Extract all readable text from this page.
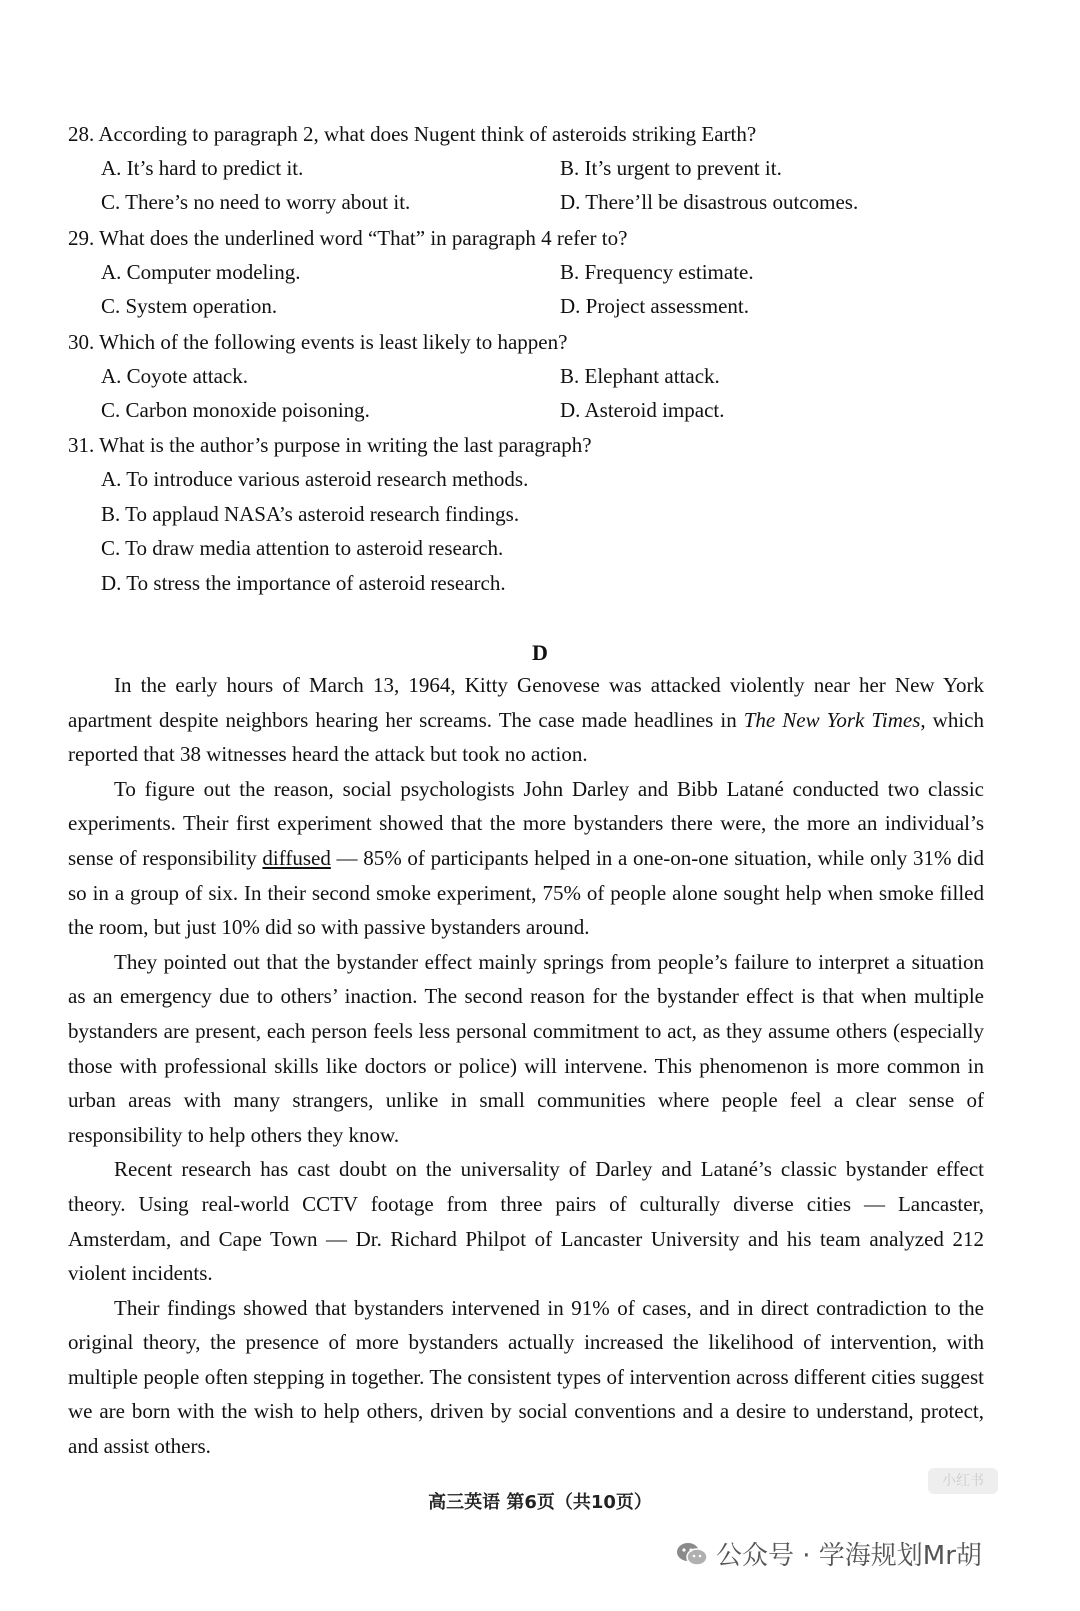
28. According to paragraph 2, what does Nugent think of asteroids striking Earth?
A. It’s hard to predict it.	B. It’s urgent to prevent it.
C. There’s no need to worry about it.	D. There’ll be disastrous outcomes.
29. What does the underlined word “That” in paragraph 4 refer to?
A. Computer modeling.	B. Frequency estimate.
C. System operation.	D. Project assessment.
30. Which of the following events is least likely to happen?
A. Coyote attack.	B. Elephant attack.
C. Carbon monoxide poisoning.	D. Asteroid impact.
31. What is the author’s purpose in writing the last paragraph?
A. To introduce various asteroid research methods.
B. To applaud NASA’s asteroid research findings.
C. To draw media attention to asteroid research.
D. To stress the importance of asteroid research.
D

In the early hours of March 13, 1964, Kitty Genovese was attacked violently near her New York apartment despite neighbors hearing her screams. The case made headlines in The New York Times, which reported that 38 witnesses heard the attack but took no action.

To figure out the reason, social psychologists John Darley and Bibb Latané conducted two classic experiments. Their first experiment showed that the more bystanders there were, the more an individual’s sense of responsibility diffused — 85% of participants helped in a one-on-one situation, while only 31% did so in a group of six. In their second smoke experiment, 75% of people alone sought help when smoke filled the room, but just 10% did so with passive bystanders around.

They pointed out that the bystander effect mainly springs from people’s failure to interpret a situation as an emergency due to others’ inaction. The second reason for the bystander effect is that when multiple bystanders are present, each person feels less personal commitment to act, as they assume others (especially those with professional skills like doctors or police) will intervene. This phenomenon is more common in urban areas with many strangers, unlike in small communities where people feel a clear sense of responsibility to help others they know.

Recent research has cast doubt on the universality of Darley and Latané’s classic bystander effect theory. Using real-world CCTV footage from three pairs of culturally diverse cities — Lancaster, Amsterdam, and Cape Town — Dr. Richard Philpot of Lancaster University and his team analyzed 212 violent incidents.

Their findings showed that bystanders intervened in 91% of cases, and in direct contradiction to the original theory, the presence of more bystanders actually increased the likelihood of intervention, with multiple people often stepping in together. The consistent types of intervention across different cities suggest we are born with the wish to help others, driven by social conventions and a desire to understand, protect, and assist others.

小红书
高三英语 第6页（共10页）
公众号 · 学海规划Mr胡
